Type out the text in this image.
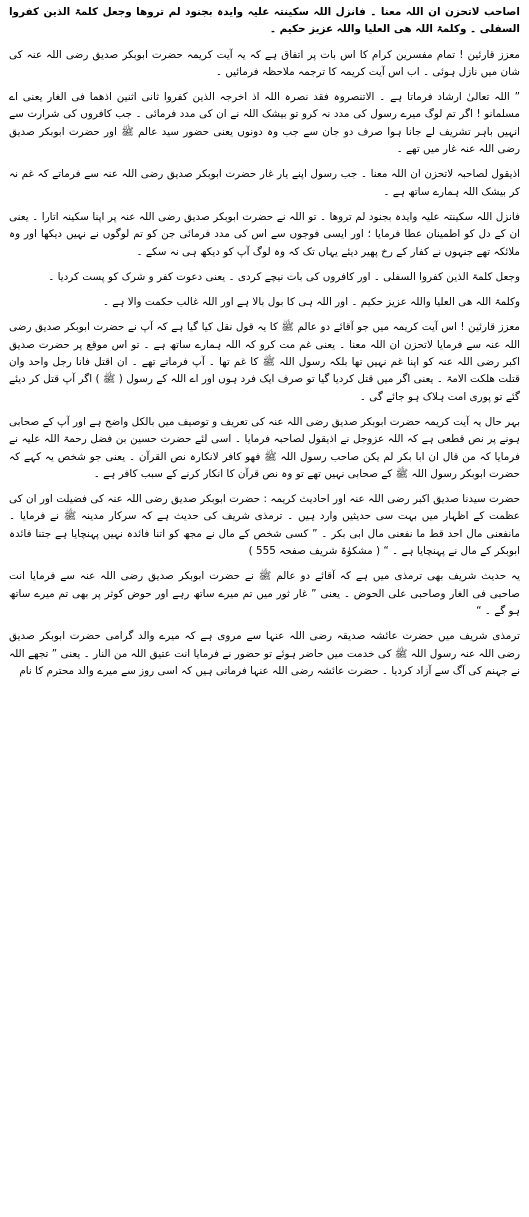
اصاحب لاتحزن ان اللہ معنا ۔ فانزل اللہ سکینتہ علیہ وایدہ بجنود لم تروھا وجعل کلمۃ الذین کفروا السفلی ۔ وکلمۃ اللہ ھی العلیا واللہ عزیز حکیم ۔

معزز قارئین ! تمام مفسرین کرام کا اس بات پر اتفاق ہے کہ یہ آیت کریمہ حضرت ابوبکر صدیق رضی اللہ عنہ کی شان میں نازل ہوئی ۔ اب اس آیت کریمہ کا ترجمہ ملاحظہ فرمائیں ۔

” اللہ تعالیٰ ارشاد فرماتا ہے ۔ الاتنصروہ فقد نصرہ اللہ اذ اخرجہ الذین کفروا ثانی اثنین اذھما فی الغار یعنی اے مسلمانو ! اگر تم لوگ میرے رسول کی مدد نہ کرو تو بیشک اللہ نے ان کی مدد فرمائی ۔ جب کافروں کی شرارت سے انہیں باہر تشریف لے جانا ہوا صرف دو جان سے جب وہ دونوں یعنی حضور سید عالم ﷺ اور حضرت ابوبکر صدیق رضی اللہ عنہ غار میں تھے ۔

اذیقول لصاحبہ لاتحزن ان اللہ معنا ۔ جب رسول اپنے یار غار حضرت ابوبکر صدیق رضی اللہ عنہ سے فرماتے کہ غم نہ کر بیشک اللہ ہمارے ساتھ ہے ۔

فانزل اللہ سکینتہ علیہ وایدہ بجنود لم تروھا ۔ تو اللہ نے حضرت ابوبکر صدیق رضی اللہ عنہ پر اپنا سکینہ اتارا ۔ یعنی ان کے دل کو اطمینان عطا فرمایا ؛ اور ایسی فوجوں سے اس کی مدد فرمائی جن کو تم لوگوں نے نہیں دیکھا اور وہ ملائکہ تھے جنہوں نے کفار کے رخ پھیر دیئے یہاں تک کہ وہ لوگ آپ کو دیکھ ہی نہ سکے ۔

وجعل کلمۃ الذین کفروا السفلی ۔ اور کافروں کی بات نیچے کردی ۔ یعنی دعوت کفر و شرک کو پست کردیا ۔

وکلمۃ اللہ ھی العلیا واللہ عزیز حکیم ۔ اور اللہ ہی کا بول بالا ہے اور اللہ غالب حکمت والا ہے ۔

معزز قارئین ! اس آیت کریمہ میں جو آقائے دو عالم ﷺ کا یہ قول نقل کیا گیا ہے کہ آپ نے حضرت ابوبکر صدیق رضی اللہ عنہ سے فرمایا لاتحزن ان اللہ معنا ۔ یعنی غم مت کرو کہ اللہ ہمارے ساتھ ہے ۔ تو اس موقع پر حضرت صدیق اکبر رضی اللہ عنہ کو اپنا غم نہیں تھا بلکہ رسول اللہ ﷺ کا غم تھا ۔ آپ فرماتے تھے ۔ ان اقتل فانا رجل واحد وان قتلت ھلکت الامۃ ۔ یعنی اگر میں قتل کردیا گیا تو صرف ایک فرد ہوں اور اے اللہ کے رسول ( ﷺ ) اگر آپ قتل کر دیئے گئے تو پوری امت ہلاک ہو جائے گی ۔

بہر حال یہ آیت کریمہ حضرت ابوبکر صدیق رضی اللہ عنہ کی تعریف و توصیف میں بالکل واضح ہے اور آپ کے صحابی ہونے پر نص قطعی ہے کہ اللہ عزوجل نے اذیقول لصاحبہ فرمایا ۔ اسی لئے حضرت حسین بن فضل رحمۃ اللہ علیہ نے فرمایا کہ من قال ان ابا بکر لم یکن صاحب رسول اللہ ﷺ فھو کافر لانکارہ نص القرآن ۔ یعنی جو شخص یہ کہے کہ حضرت ابوبکر رسول اللہ ﷺ کے صحابی نہیں تھے تو وہ نص قرآن کا انکار کرنے کے سبب کافر ہے ۔

حضرت سیدنا صدیق اکبر رضی اللہ عنہ اور احادیث کریمہ : حضرت ابوبکر صدیق رضی اللہ عنہ کی فضیلت اور ان کی عظمت کے اظہار میں بہت سی حدیثیں وارد ہیں ۔ ترمذی شریف کی حدیث ہے کہ سرکار مدینہ ﷺ نے فرمایا ۔ مانفعنی مال احد قط ما نفعنی مال ابی بکر ۔ ” کسی شخص کے مال نے مجھ کو اتنا فائدہ نہیں پہنچایا ہے جتنا فائدہ ابوبکر کے مال نے پہنچایا ہے ۔ “ ( مشکوٰۃ شریف صفحہ 555 )

یہ حدیث شریف بھی ترمذی میں ہے کہ آقائے دو عالم ﷺ نے حضرت ابوبکر صدیق رضی اللہ عنہ سے فرمایا انت صاحبی فی الغار وصاحبی علی الحوض ۔ یعنی ” غار ثور میں تم میرے ساتھ رہے اور حوض کوثر پر بھی تم میرے ساتھ ہو گے ۔ “

ترمذی شریف میں حضرت عائشہ صدیقہ رضی اللہ عنہا سے مروی ہے کہ میرے والد گرامی حضرت ابوبکر صدیق رضی اللہ عنہ رسول اللہ ﷺ کی خدمت میں حاضر ہوئے تو حضور نے فرمایا انت عتیق اللہ من النار ۔ یعنی ” تجھے اللہ نے جہنم کی آگ سے آزاد کردیا ۔ حضرت عائشہ رضی اللہ عنہا فرماتی ہیں کہ اسی روز سے میرے والد محترم کا نام
